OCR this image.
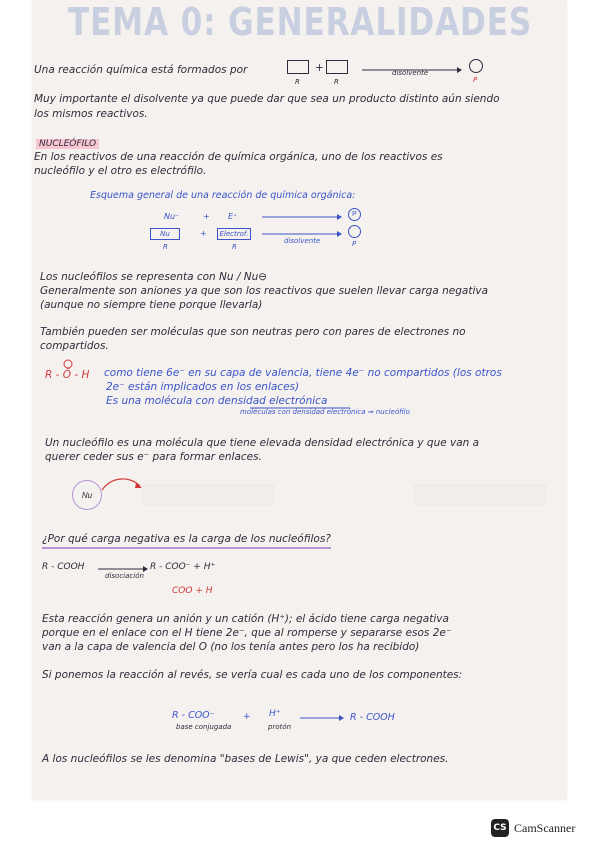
TEMA 0: GENERALIDADES

Una reacción química está formados por	+
R	R
disolvente
P

Muy importante el disolvente ya que puede dar que sea un producto distinto aún siendo

los mismos reactivos.

NUCLEÓFILO

En los reactivos de una reacción de química orgánica, uno de los reactivos es

nucleófilo y el otro es electrófilo.

Esquema general de una reacción de química orgánica:

Nu⁻	+ E⁺	P
Nu	+	Electrof.
R	R
disolvente	P

Los nucleófilos se representa con Nu / Nu⊖

Generalmente son aniones ya que son los reactivos que suelen llevar carga negativa

(aunque no siempre tiene porque llevarla)

También pueden ser moléculas que son neutras pero con pares de electrones no

compartidos.

R - Ö - H como tiene 6e⁻ en su capa de valencia, tiene 4e⁻ no compartidos (los otros

2e⁻ están implicados en los enlaces)

Es una molécula con densidad electrónica

moléculas con densidad electrónica ⇒ nucleófilo

Un nucleófilo es una molécula que tiene elevada densidad electrónica y que van a

querer ceder sus e⁻ para formar enlaces.

Nu

¿Por qué carga negativa es la carga de los nucleófilos?

R - COOH

disociación

R - COO⁻ + H⁺

COO + H

Esta reacción genera un anión y un catión (H⁺); el ácido tiene carga negativa

porque en el enlace con el H tiene 2e⁻, que al romperse y separarse esos 2e⁻

van a la capa de valencia del O (no los tenía antes pero los ha recibido)

Si ponemos la reacción al revés, se vería cual es cada uno de los componentes:

R - COO⁻	+ H⁺	R - COOH

base conjugada	protón

A los nucleófilos se les denomina "bases de Lewis", ya que ceden electrones.

CS CamScanner
